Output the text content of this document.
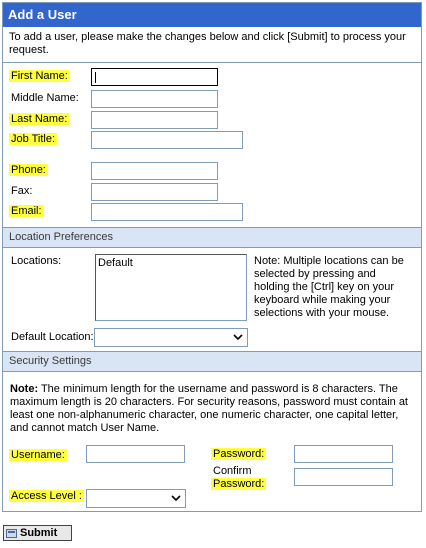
Add a User
To add a user, please make the changes below and click [Submit] to process your request.
First Name:
Middle Name:
Last Name:
Job Title:
Phone:
Fax:
Email:
Location Preferences
Locations:	Default	Note: Multiple locations can be selected by pressing and holding the [Ctrl] key on your keyboard while making your selections with your mouse.
Default Location:
Security Settings
Note: The minimum length for the username and password is 8 characters. The maximum length is 20 characters. For security reasons, password must contain at least one non-alphanumeric character, one numeric character, one capital letter, and cannot match User Name.
Username:	Password:
Confirm
Password:
Access Level :
Submit
